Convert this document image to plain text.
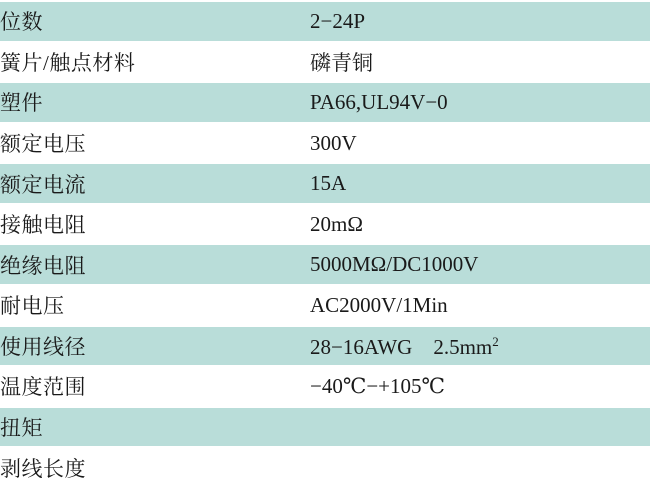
位数	2−24P
簧片/触点材料	磷青铜
塑件	PA66,UL94V−0
额定电压	300V
额定电流	15A
接触电阻	20mΩ
绝缘电阻	5000MΩ/DC1000V
耐电压	AC2000V/1Min
使用线径	28−16AWG　$2.5mm^2$
温度范围	−40℃−+105℃
扭矩	
剥线长度	
